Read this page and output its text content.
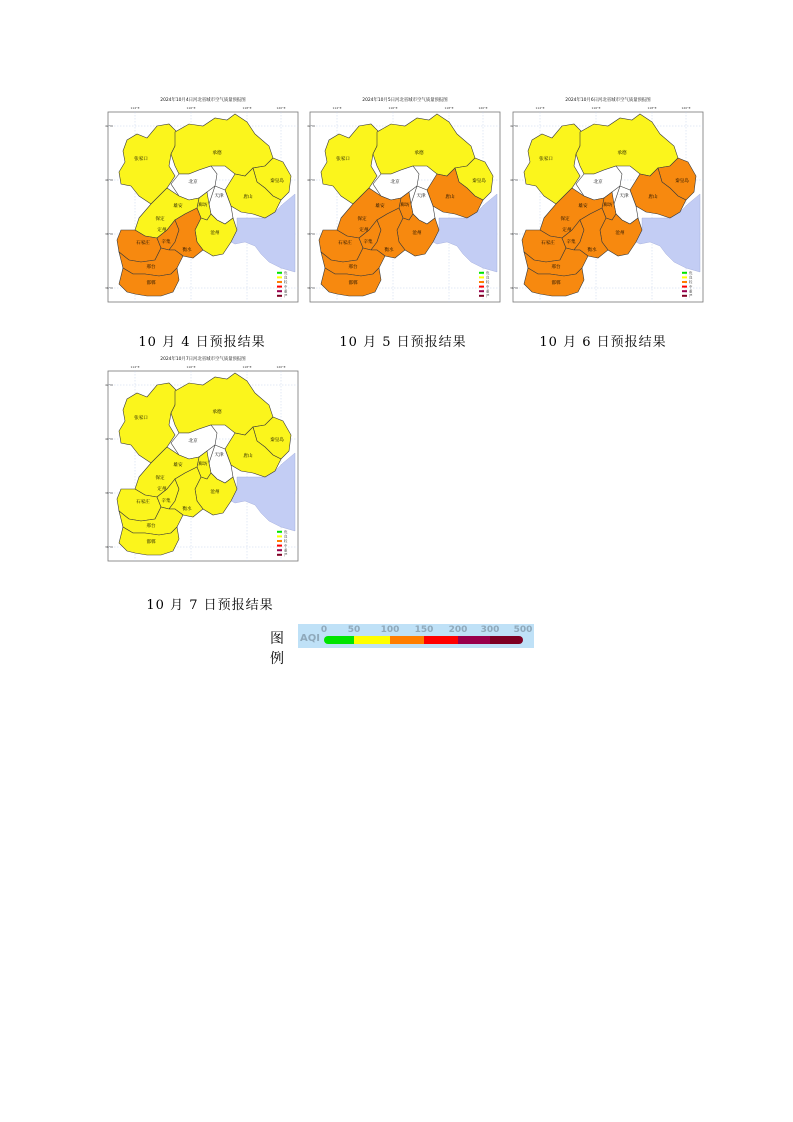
2024年10月4日河北省城市空气质量预报图
114°E	116°E	118°E	120°E
42°N
40°N
38°N
36°N
张家口
承德
秦皇岛
唐山
北京
天津
廊坊
雄安
保定
定州
沧州
石家庄	辛集
衡水
邢台
邯郸
优
良
轻
中
重
严
10 月 4 日预报结果
2024年10月5日河北省城市空气质量预报图
114°E	116°E	118°E	120°E
42°N
40°N
38°N
36°N
张家口
承德
秦皇岛
唐山
北京
天津
廊坊
雄安
保定
定州
沧州
石家庄	辛集
衡水
邢台
邯郸
优
良
轻
中
重
严
10 月 5 日预报结果
2024年10月6日河北省城市空气质量预报图
114°E	116°E	118°E	120°E
42°N
40°N
38°N
36°N
张家口
承德
秦皇岛
唐山
北京
天津
廊坊
雄安
保定
定州
沧州
石家庄	辛集
衡水
邢台
邯郸
优
良
轻
中
重
严
10 月 6 日预报结果
2024年10月7日河北省城市空气质量预报图
114°E	116°E	118°E	120°E
42°N
40°N
38°N
36°N
张家口
承德
秦皇岛
唐山
北京
天津
廊坊
雄安
保定
定州
沧州
石家庄	辛集
衡水
邢台
邯郸
优
良
轻
中
重
严
10 月 7 日预报结果
图例
AQI
0 50 100 150 200 300 500
